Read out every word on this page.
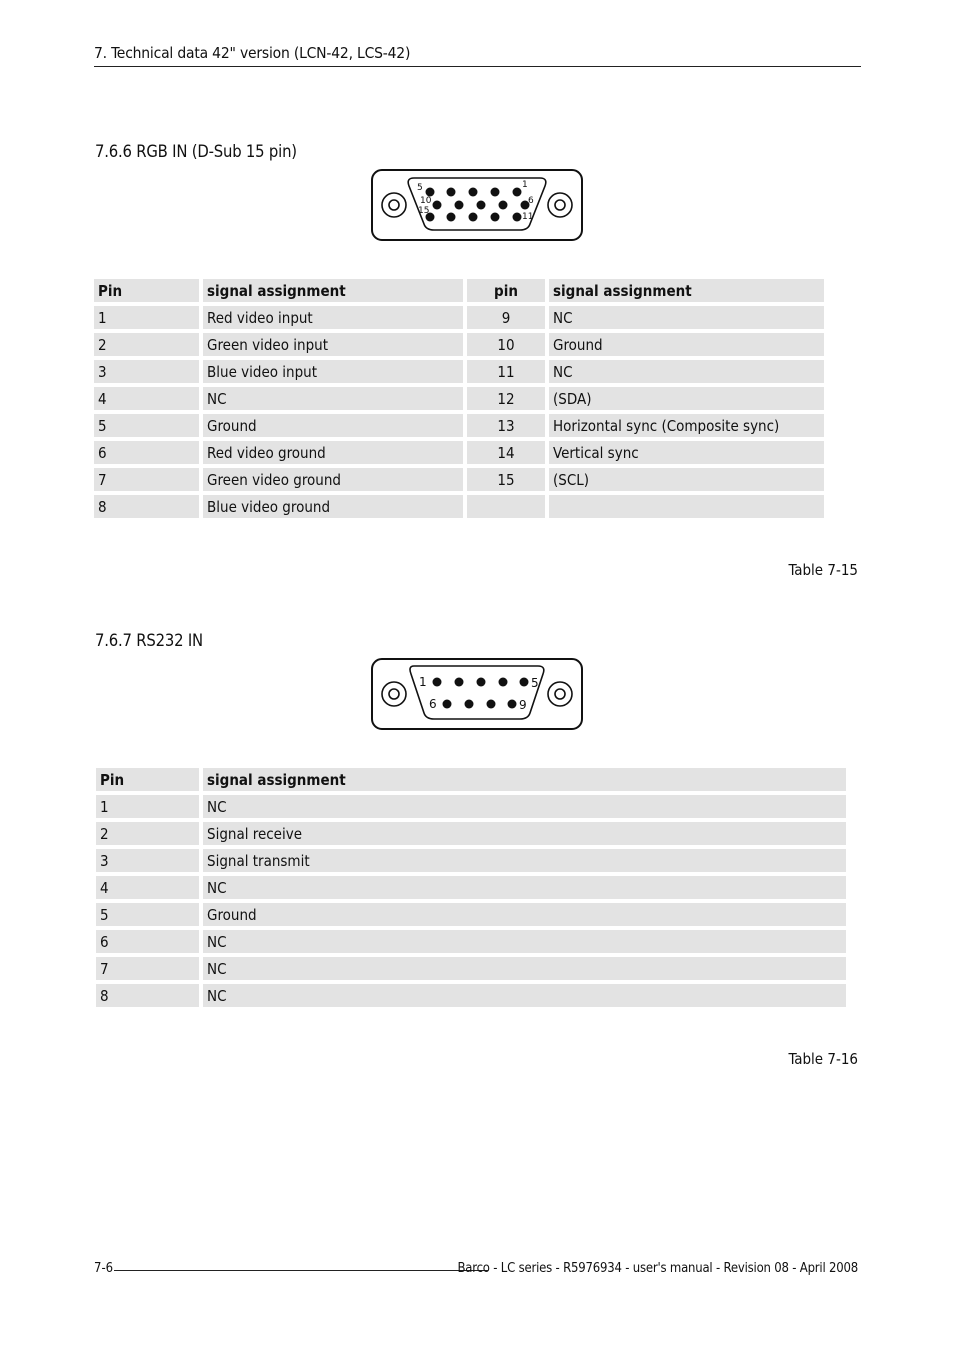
7. Technical data 42" version (LCN-42, LCS-42)
7.6.6 RGB IN (D-Sub 15 pin)
5	1
10	6
15
11
Pin	signal assignment	pin	signal assignment
1	Red video input	9	NC
2	Green video input	10	Ground
3	Blue video input	11	NC
4	NC	12	(SDA)
5	Ground	13	Horizontal sync (Composite sync)
6	Red video ground	14	Vertical sync
7	Green video ground	15	(SCL)
8	Blue video ground		
Table 7-15
7.6.7 RS232 IN
1	5
6	9
Pin	signal assignment
1	NC
2	Signal receive
3	Signal transmit
4	NC
5	Ground
6	NC
7	NC
8	NC
Table 7-16
7-6	Barco - LC series - R5976934 - user's manual - Revision 08 - April 2008
